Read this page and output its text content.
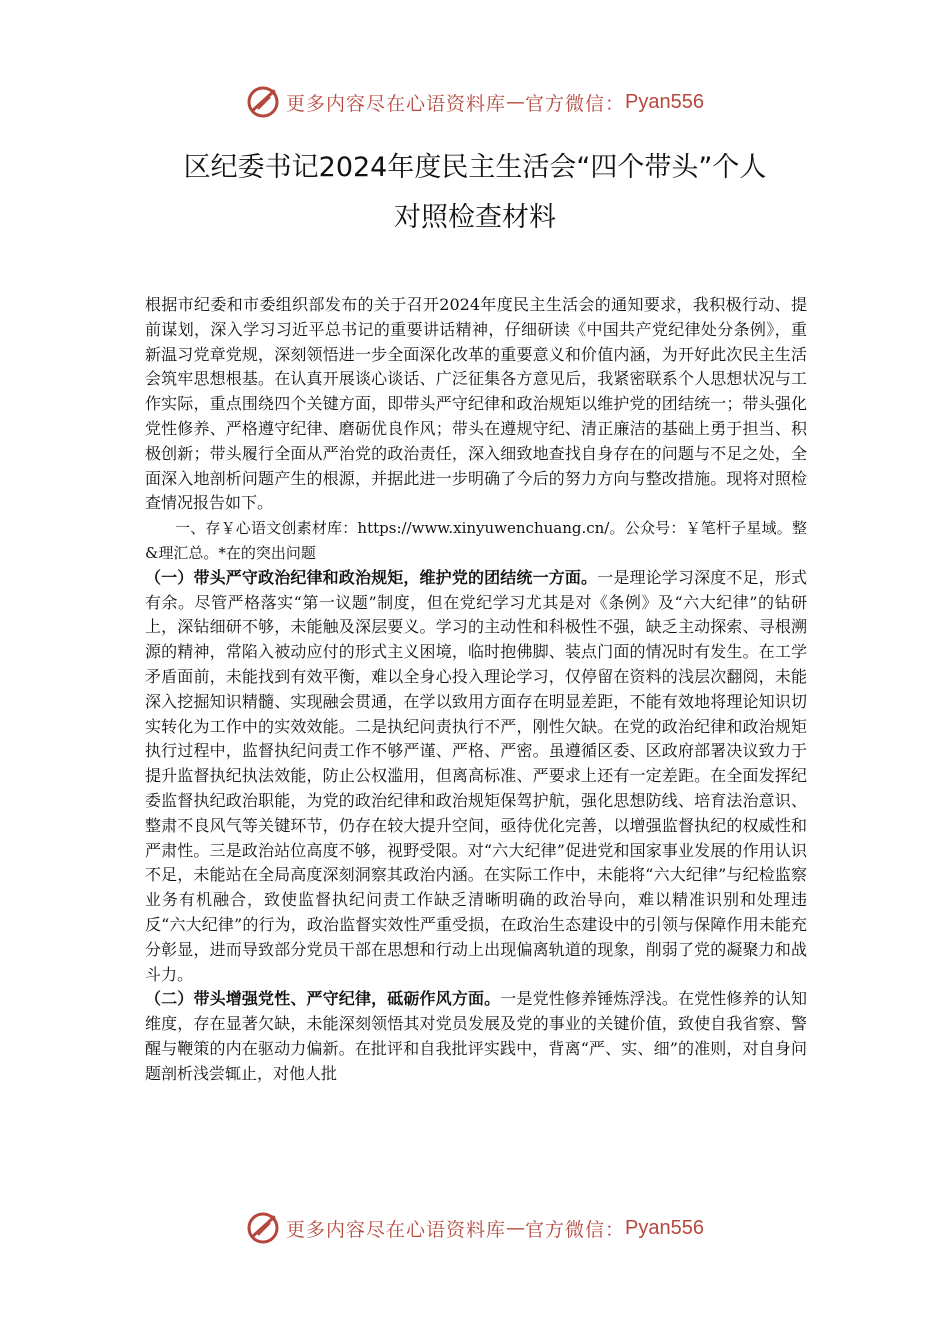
更多内容尽在心语资料库 — 官方微信： Pyan556
区纪委书记2024年度民主生活会“四个带头”个人
对照检查材料

根据市纪委和市委组织部发布的关于召开2024年度民主生活会的通知要求，我积极行动、提前谋划，深入学习习近平总书记的重要讲话精神，仔细研读《中国共产党纪律处分条例》，重新温习党章党规，深刻领悟进一步全面深化改革的重要意义和价值内涵，为开好此次民主生活会筑牢思想根基。在认真开展谈心谈话、广泛征集各方意见后，我紧密联系个人思想状况与工作实际，重点围绕四个关键方面，即带头严守纪律和政治规矩以维护党的团结统一；带头强化党性修养、严格遵守纪律、磨砺优良作风；带头在遵规守纪、清正廉洁的基础上勇于担当、积极创新；带头履行全面从严治党的政治责任，深入细致地查找自身存在的问题与不足之处，全面深入地剖析问题产生的根源，并据此进一步明确了今后的努力方向与整改措施。现将对照检查情况报告如下。

一、存￥心语文创素材库：https://www.xinyuwenchuang.cn/。公众号：￥笔杆子星域。整&理汇总。*在的突出问题

（一）带头严守政治纪律和政治规矩，维护党的团结统一方面。一是理论学习深度不足，形式有余。尽管严格落实“第一议题”制度，但在党纪学习尤其是对《条例》及“六大纪律”的钻研上，深钻细研不够，未能触及深层要义。学习的主动性和科极性不强，缺乏主动探索、寻根溯源的精神，常陷入被动应付的形式主义困境，临时抱佛脚、装点门面的情况时有发生。在工学矛盾面前，未能找到有效平衡，难以全身心投入理论学习，仅停留在资料的浅层次翻阅，未能深入挖掘知识精髓、实现融会贯通，在学以致用方面存在明显差距，不能有效地将理论知识切实转化为工作中的实效效能。二是执纪问责执行不严，刚性欠缺。在党的政治纪律和政治规矩执行过程中，监督执纪问责工作不够严谨、严格、严密。虽遵循区委、区政府部署决议致力于提升监督执纪执法效能，防止公权滥用，但离高标准、严要求上还有一定差距。在全面发挥纪委监督执纪政治职能，为党的政治纪律和政治规矩保驾护航，强化思想防线、培育法治意识、整肃不良风气等关键环节，仍存在较大提升空间，亟待优化完善，以增强监督执纪的权威性和严肃性。三是政治站位高度不够，视野受限。对“六大纪律”促进党和国家事业发展的作用认识不足，未能站在全局高度深刻洞察其政治内涵。在实际工作中，未能将“六大纪律”与纪检监察业务有机融合，致使监督执纪问责工作缺乏清晰明确的政治导向，难以精准识别和处理违反“六大纪律”的行为，政治监督实效性严重受损，在政治生态建设中的引领与保障作用未能充分彰显，进而导致部分党员干部在思想和行动上出现偏离轨道的现象，削弱了党的凝聚力和战斗力。

（二）带头增强党性、严守纪律，砥砺作风方面。一是党性修养锤炼浮浅。在党性修养的认知维度，存在显著欠缺，未能深刻领悟其对党员发展及党的事业的关键价值，致使自我省察、警醒与鞭策的内在驱动力偏新。在批评和自我批评实践中，背离“严、实、细”的准则，对自身问题剖析浅尝辄止，对他人批

更多内容尽在心语资料库 — 官方微信： Pyan556
